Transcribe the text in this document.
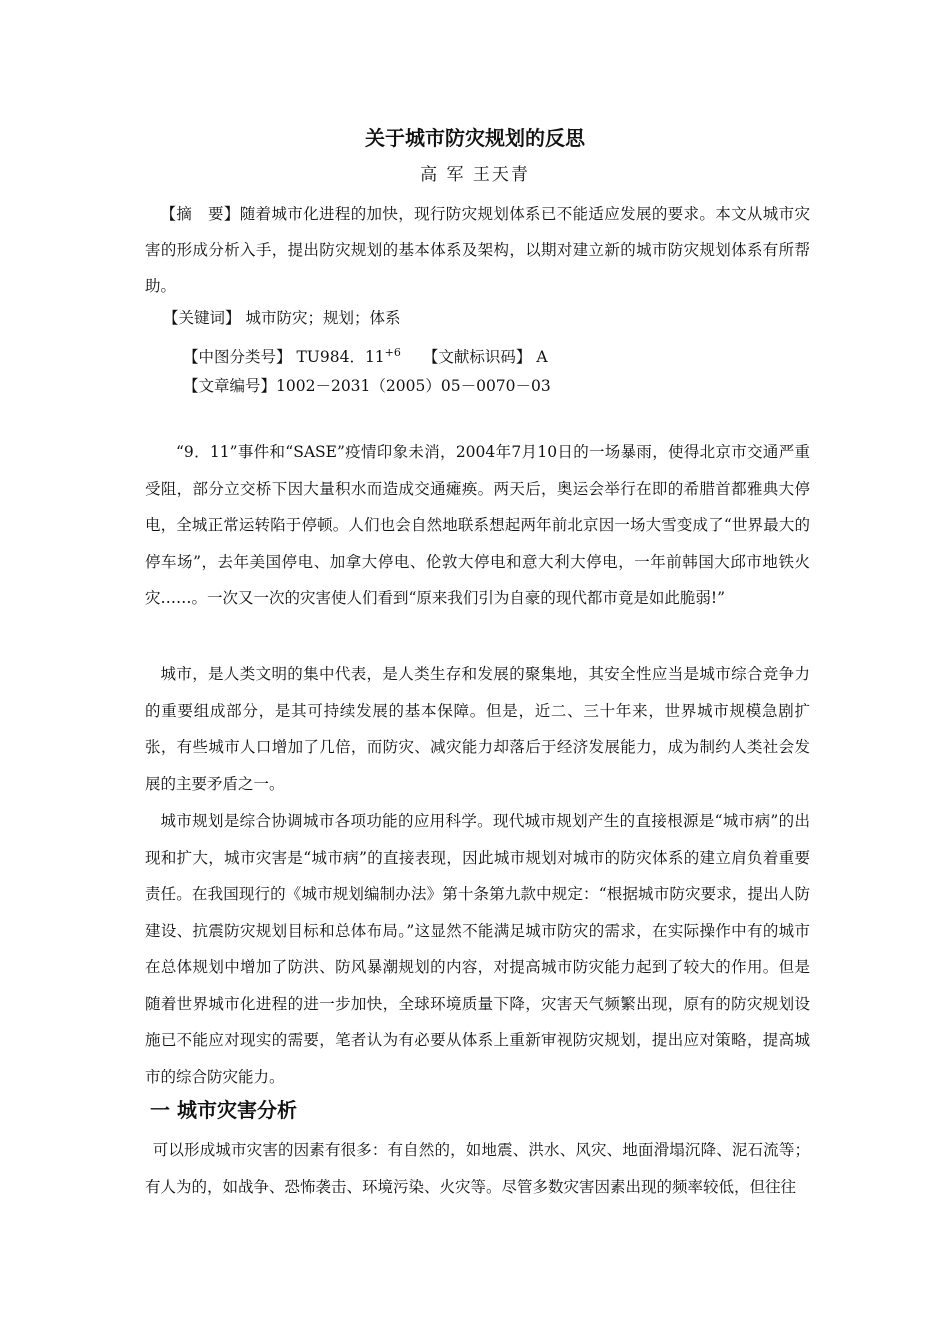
关于城市防灾规划的反思
高 军 王天青
【摘　要】随着城市化进程的加快，现行防灾规划体系已不能适应发展的要求。本文从城市灾害的形成分析入手，提出防灾规划的基本体系及架构，以期对建立新的城市防灾规划体系有所帮助。
【关键词】 城市防灾；规划；体系
【中图分类号】 TU984．$11^{+6}$ 【文献标识码】 A
【文章编号】1002－2031（2005）05－0070－03

“9．11”事件和“SASE”疫情印象未消，2004年7月10日的一场暴雨，使得北京市交通严重受阻，部分立交桥下因大量积水而造成交通瘫痪。两天后，奥运会举行在即的希腊首都雅典大停电，全城正常运转陷于停顿。人们也会自然地联系想起两年前北京因一场大雪变成了“世界最大的停车场”，去年美国停电、加拿大停电、伦敦大停电和意大利大停电，一年前韩国大邱市地铁火灾……。一次又一次的灾害使人们看到“原来我们引为自豪的现代都市竟是如此脆弱!”

城市，是人类文明的集中代表，是人类生存和发展的聚集地，其安全性应当是城市综合竞争力的重要组成部分，是其可持续发展的基本保障。但是，近二、三十年来，世界城市规模急剧扩张，有些城市人口增加了几倍，而防灾、减灾能力却落后于经济发展能力，成为制约人类社会发展的主要矛盾之一。

城市规划是综合协调城市各项功能的应用科学。现代城市规划产生的直接根源是“城市病”的出现和扩大，城市灾害是“城市病”的直接表现，因此城市规划对城市的防灾体系的建立肩负着重要责任。在我国现行的《城市规划编制办法》第十条第九款中规定：“根据城市防灾要求，提出人防建设、抗震防灾规划目标和总体布局。”这显然不能满足城市防灾的需求，在实际操作中有的城市在总体规划中增加了防洪、防风暴潮规划的内容，对提高城市防灾能力起到了较大的作用。但是随着世界城市化进程的进一步加快，全球环境质量下降，灾害天气频繁出现，原有的防灾规划设施已不能应对现实的需要，笔者认为有必要从体系上重新审视防灾规划，提出应对策略，提高城市的综合防灾能力。

一 城市灾害分析

可以形成城市灾害的因素有很多：有自然的，如地震、洪水、风灾、地面滑塌沉降、泥石流等；有人为的，如战争、恐怖袭击、环境污染、火灾等。尽管多数灾害因素出现的频率较低，但往往
